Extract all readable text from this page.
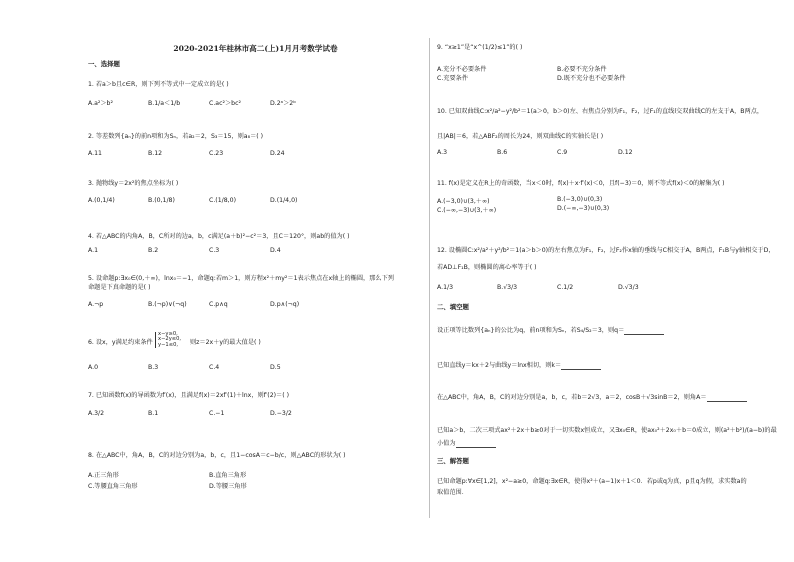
2020-2021年桂林市高二(上)1月月考数学试卷
一、选择题
1. 若a＞b且c∈R，则下列不等式中一定成立的是( )
A.a²＞b²	B.1/a＜1/b	C.ac²＞bc²	D.2ᵃ＞2ᵇ
2. 等差数列{aₙ}的前n项和为Sₙ，若a₂＝2，S₃＝15，则a₈＝( )
A.11	B.12	C.23	D.24
3. 抛物线y＝2x²的焦点坐标为( )
A.(0,1/4)	B.(0,1/8)	C.(1/8,0)	D.(1/4,0)
4. 若△ABC的内角A，B，C所对的边a，b，c满足(a＋b)²−c²＝3，且C＝120°，则ab的值为( )
A.1	B.2	C.3	D.4
5. 设命题p:∃x₀∈(0,＋∞)，lnx₀＝−1，命题q:若m＞1，则方程x²＋my²＝1表示焦点在x轴上的椭圆，那么下列
命题是下真命题的是( )
A.¬p	B.(¬p)∨(¬q)	C.p∧q	D.p∧(¬q)
6. 设x，y满足约束条件
x−y≥0,
x−2y≤0,
y−1≤0,	则z＝2x＋y的最大值是( )
A.0	B.3	C.4	D.5
7. 已知函数f(x)的导函数为f′(x)，且满足f(x)＝2xf′(1)＋lnx，则f′(2)＝( )
A.3/2	B.1	C.−1	D.−3/2
8. 在△ABC中，角A，B，C的对边分别为a，b，c，且1−cosA＝c−b/c，则△ABC的形状为( )
A.正三角形	B.直角三角形
C.等腰直角三角形	D.等腰三角形
9. “x≥1”是“x^(1/2)≤1”的( )
A.充分不必要条件	B.必要不充分条件
C.充要条件	D.既不充分也不必要条件
10. 已知双曲线C:x²/a²−y²/b²＝1(a＞0，b＞0)左、右焦点分别为F₁，F₂，过F₁的直线l交双曲线C的左支于A，B两点，
且|AB|＝6，若△ABF₂的周长为24，则双曲线C的实轴长是( )
A.3	B.6	C.9	D.12
11. f(x)是定义在R上的奇函数，当x＜0时，f(x)＋x·f′(x)＜0，且f(−3)＝0，则不等式f(x)＜0的解集为( )
A.(−3,0)∪(3,＋∞)	B.(−3,0)∪(0,3)
C.(−∞,−3)∪(3,＋∞)	D.(−∞,−3)∪(0,3)
12. 设椭圆C:x²/a²＋y²/b²＝1(a＞b＞0)的左右焦点为F₁，F₂，过F₂作x轴的垂线与C相交于A，B两点，F₁B与y轴相交于D，
若AD⊥F₁B，则椭圆的离心率等于( )
A.1/3	B.√3/3	C.1/2	D.√3/3
二、填空题
设正项等比数列{aₙ}的公比为q，前n项和为Sₙ，若S₄/S₂＝3，则q＝
已知直线y＝kx＋2与曲线y＝lnx相切，则k＝
在△ABC中，角A，B，C的对边分别是a，b，c，若b＝2√3，a＝2，cosB＋√3sinB＝2，则角A＝
已知a＞b，二次三项式ax²＋2x＋b≥0对于一切实数x恒成立，又∃x₀∈R，使ax₀²＋2x₀＋b＝0成立，则(a²＋b²)/(a−b)的最
小值为
三、解答题
已知命题p:∀x∈[1,2]，x²−a≥0，命题q:∃x∈R，使得x²＋(a−1)x＋1＜0．若p或q为真，p且q为假，求实数a的
取值范围．
